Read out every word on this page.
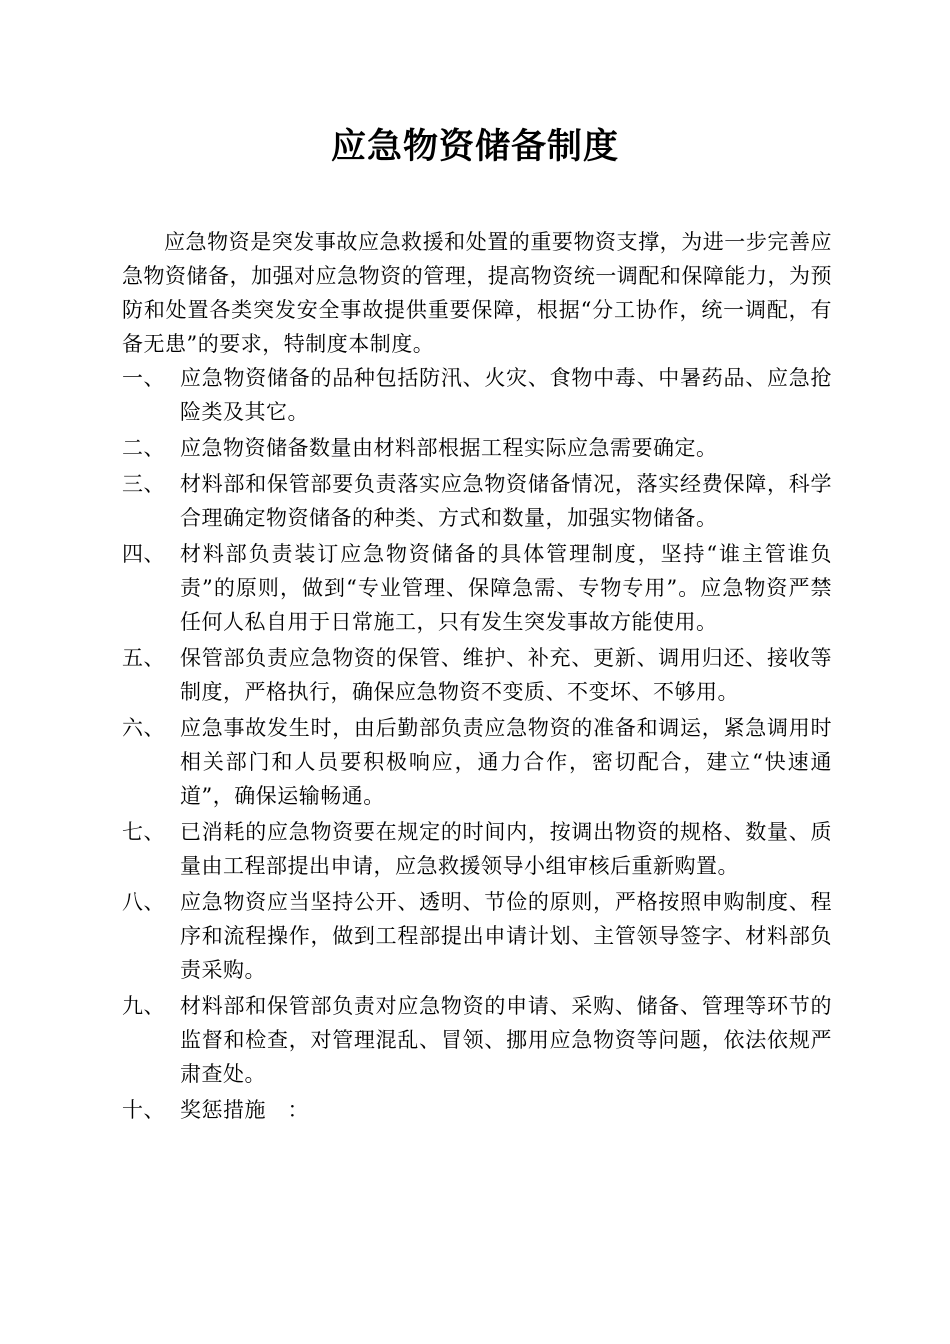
应急物资储备制度

应急物资是突发事故应急救援和处置的重要物资支撑，为进一步完善应急物资储备，加强对应急物资的管理，提高物资统一调配和保障能力，为预防和处置各类突发安全事故提供重要保障，根据“分工协作，统一调配，有备无患”的要求，特制度本制度。

一、 应急物资储备的品种包括防汛、火灾、食物中毒、中暑药品、应急抢险类及其它。
二、 应急物资储备数量由材料部根据工程实际应急需要确定。
三、 材料部和保管部要负责落实应急物资储备情况，落实经费保障，科学合理确定物资储备的种类、方式和数量，加强实物储备。
四、 材料部负责装订应急物资储备的具体管理制度，坚持“谁主管谁负责”的原则，做到“专业管理、保障急需、专物专用”。应急物资严禁任何人私自用于日常施工，只有发生突发事故方能使用。
五、 保管部负责应急物资的保管、维护、补充、更新、调用归还、接收等制度，严格执行，确保应急物资不变质、不变坏、不够用。
六、 应急事故发生时，由后勤部负责应急物资的准备和调运，紧急调用时相关部门和人员要积极响应，通力合作，密切配合，建立“快速通道”，确保运输畅通。
七、 已消耗的应急物资要在规定的时间内，按调出物资的规格、数量、质量由工程部提出申请，应急救援领导小组审核后重新购置。
八、 应急物资应当坚持公开、透明、节俭的原则，严格按照申购制度、程序和流程操作，做到工程部提出申请计划、主管领导签字、材料部负责采购。
九、 材料部和保管部负责对应急物资的申请、采购、储备、管理等环节的监督和检查，对管理混乱、冒领、挪用应急物资等问题，依法依规严肃查处。
十、 奖惩措施　：
